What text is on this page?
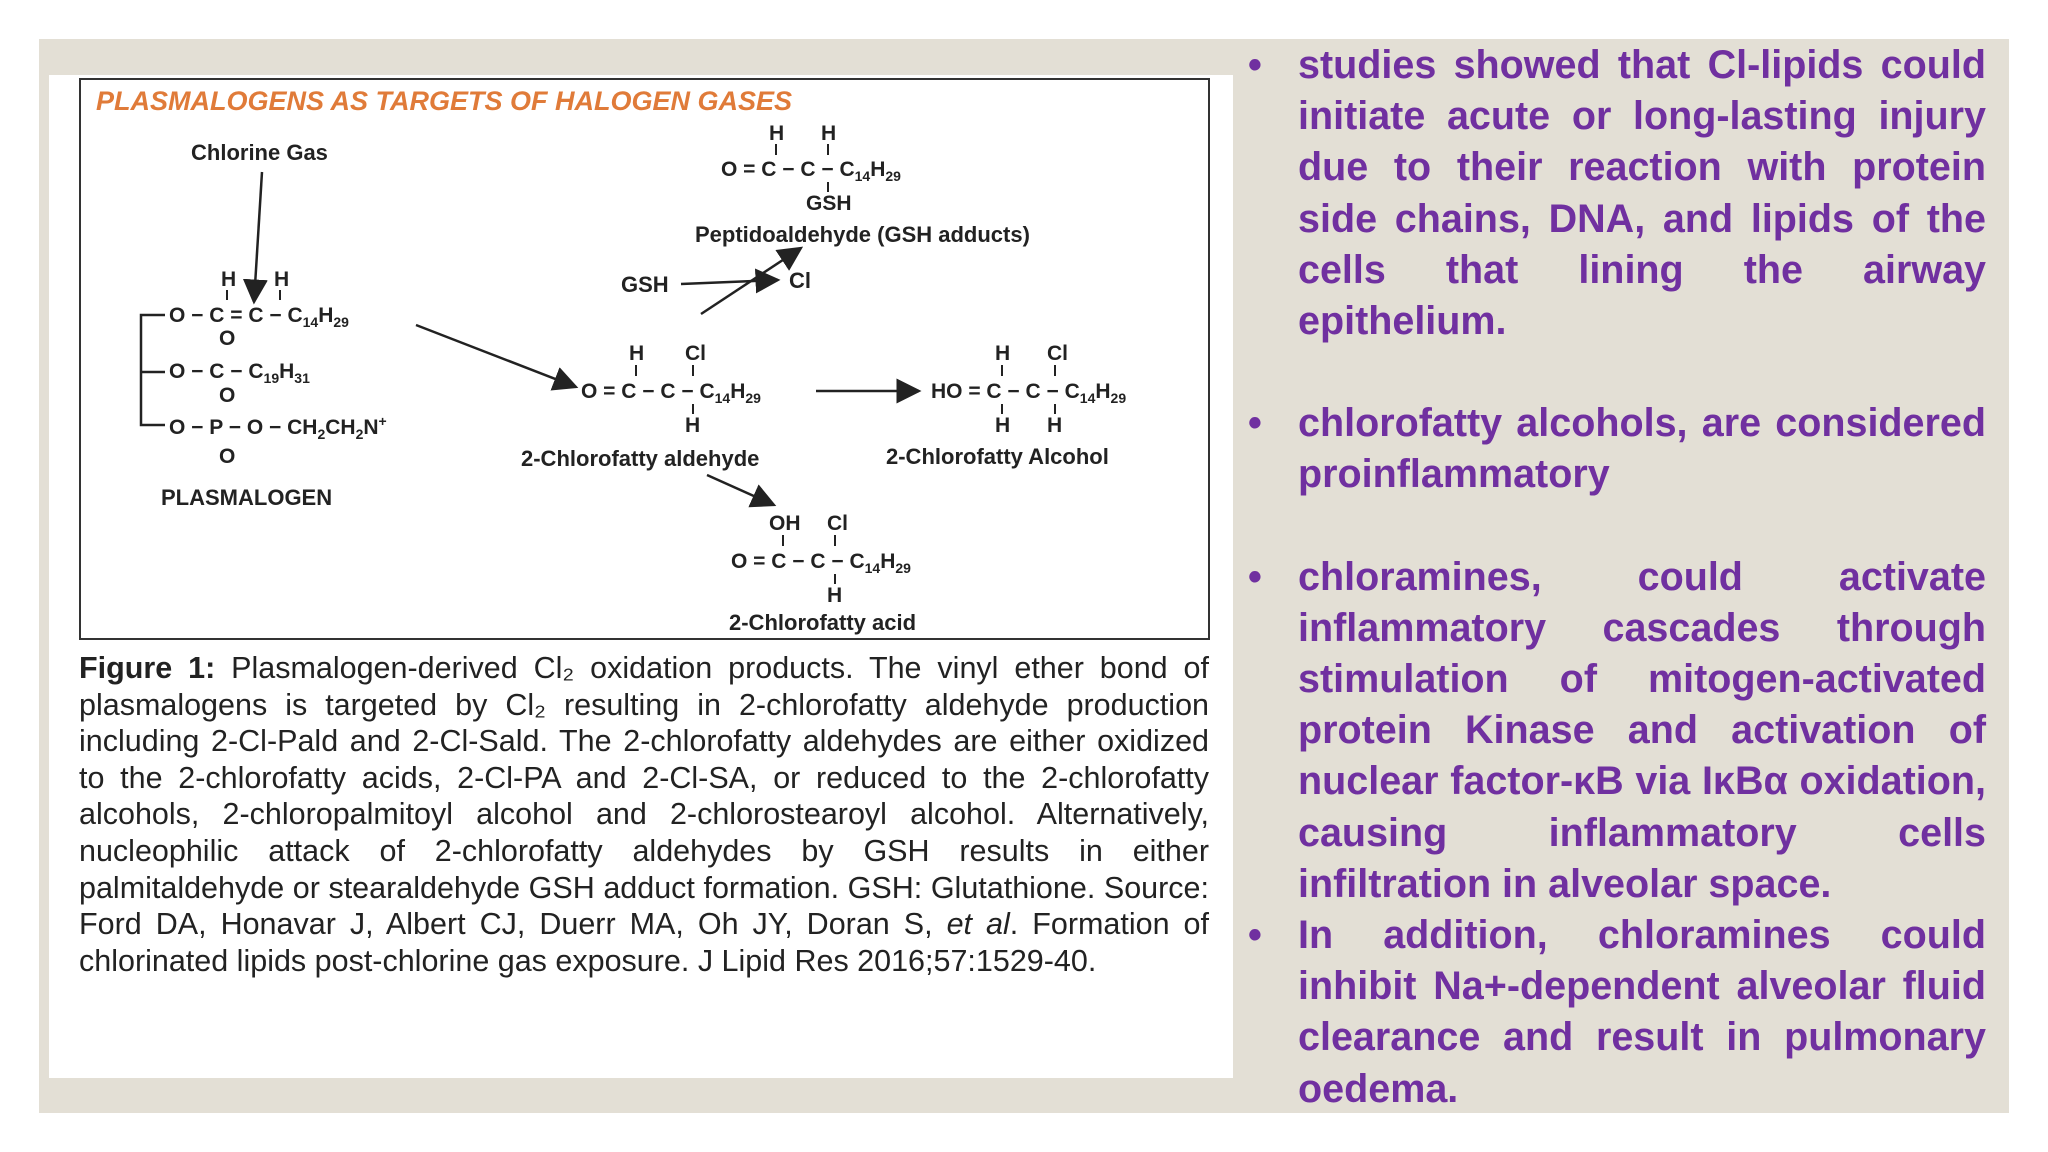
PLASMALOGENS AS TARGETS OF HALOGEN GASES
Chlorine Gas
H H
$O - C = C - C_{14}H_{29}$
O
$O - C - C_{19}H_{31}$
O
$O - P - O - CH_2CH_2N^+$
O
PLASMALOGEN
H Cl
$O = C - C - C_{14}H_{29}$
H
2-Chlorofatty aldehyde
GSH	Cl
H H
$O = C - C - C_{14}H_{29}$
GSH
Peptidoaldehyde (GSH adducts)
H Cl
HO = $C - C - C_{14}H_{29}$
H H
2-Chlorofatty Alcohol
OH Cl
$O = C - C - C_{14}H_{29}$
H
2-Chlorofatty acid

Figure 1: Plasmalogen-derived Cl₂ oxidation products. The vinyl ether bond of plasmalogens is targeted by Cl₂ resulting in 2-chlorofatty aldehyde production including 2-Cl-Pald and 2-Cl-Sald. The 2-chlorofatty aldehydes are either oxidized to the 2-chlorofatty acids, 2-Cl-PA and 2-Cl-SA, or reduced to the 2-chlorofatty alcohols, 2-chloropalmitoyl alcohol and 2-chlorostearoyl alcohol. Alternatively, nucleophilic attack of 2-chlorofatty aldehydes by GSH results in either palmitaldehyde or stearaldehyde GSH adduct formation. GSH: Glutathione. Source: Ford DA, Honavar J, Albert CJ, Duerr MA, Oh JY, Doran S, et al. Formation of chlorinated lipids post-chlorine gas exposure. J Lipid Res 2016;57:1529-40.

• studies showed that Cl-lipids could initiate acute or long-lasting injury due to their reaction with protein side chains, DNA, and lipids of the cells that lining the airway epithelium.
• chlorofatty alcohols, are considered proinflammatory
• chloramines, could activate inflammatory cascades through stimulation of mitogen-activated protein Kinase and activation of nuclear factor-κB via IκBα oxidation, causing inflammatory cells infiltration in alveolar space.
• In addition, chloramines could inhibit Na+-dependent alveolar fluid clearance and result in pulmonary oedema.
